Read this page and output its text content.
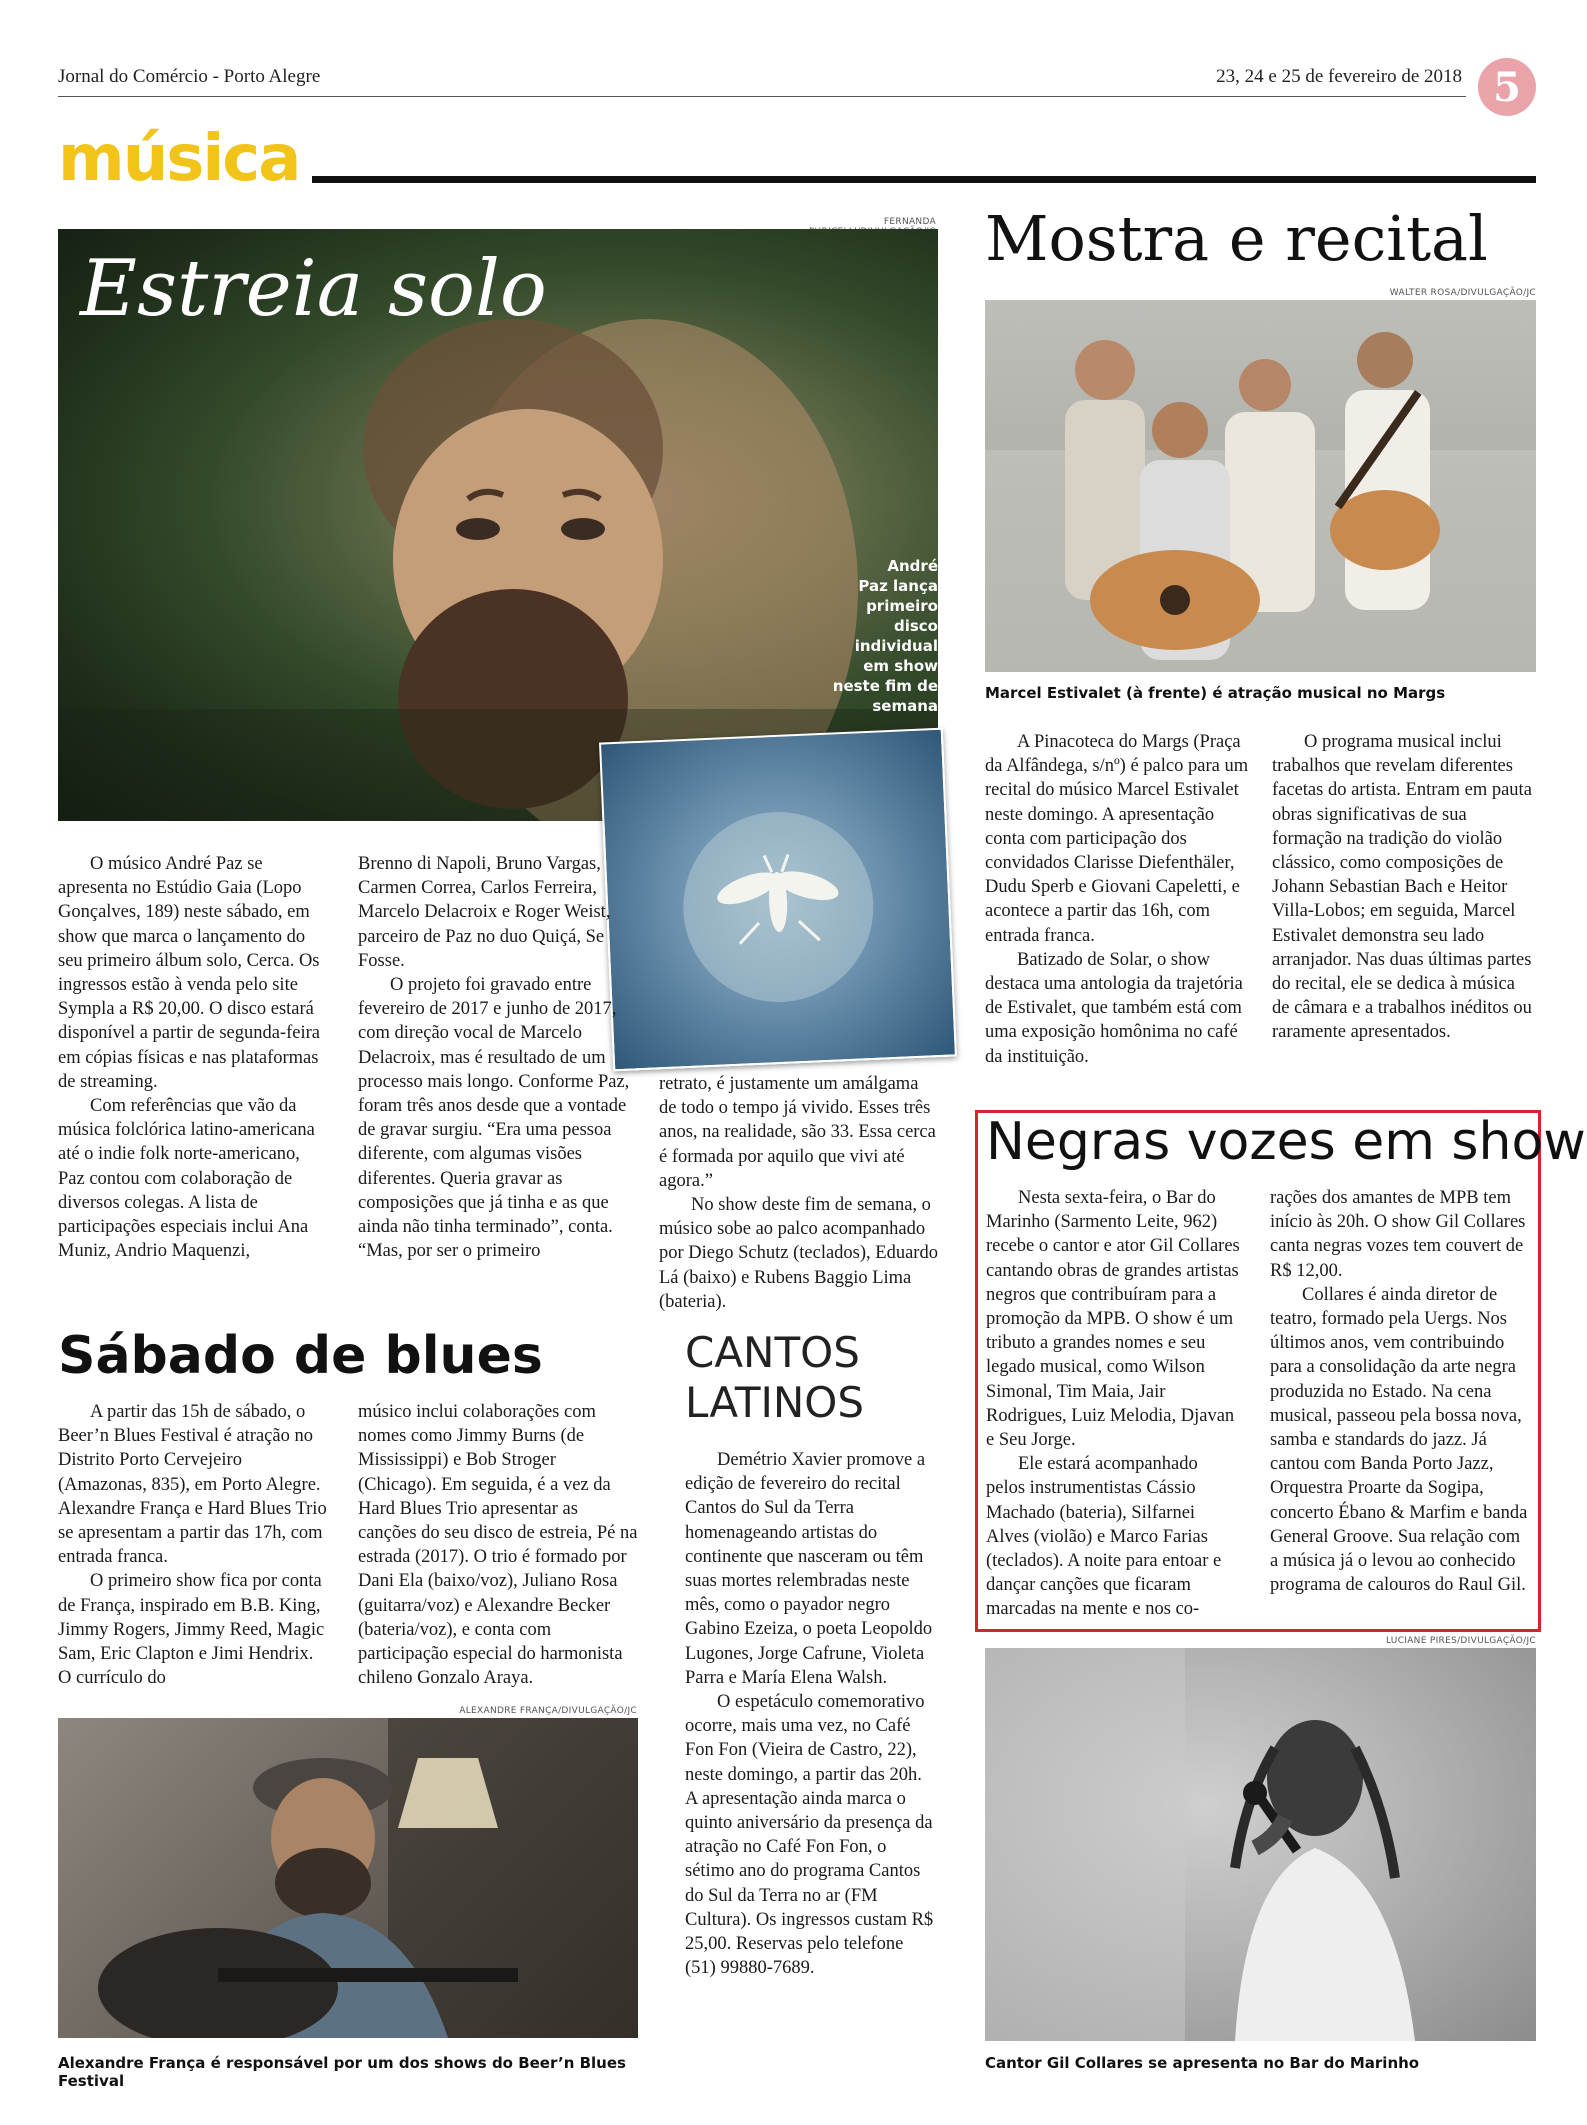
Jornal do Comércio - Porto Alegre	23, 24 e 25 de fevereiro de 2018 5
música
FERNANDA
Estreia solo
André
Paz lança
primeiro
disco
individual
em show
neste fim de
semana

O músico André Paz se apresenta no Estúdio Gaia (Lopo Gonçalves, 189) neste sábado, em show que marca o lançamento do seu primeiro álbum solo, Cerca. Os ingressos estão à venda pelo site Sympla a R$ 20,00. O disco estará disponível a partir de segunda-feira em cópias físicas e nas plataformas de streaming.

Com referências que vão da música folclórica latino-americana até o indie folk norte-americano, Paz contou com colaboração de diversos colegas. A lista de participações especiais inclui Ana Muniz, Andrio Maquenzi,

Brenno di Napoli, Bruno Vargas, Carmen Correa, Carlos Ferreira, Marcelo Delacroix e Roger Weist, parceiro de Paz no duo Quiçá, Se Fosse.

O projeto foi gravado entre fevereiro de 2017 e junho de 2017, com direção vocal de Marcelo Delacroix, mas é resultado de um processo mais longo. Conforme Paz, foram três anos desde que a vontade de gravar surgiu. “Era uma pessoa diferente, com algumas visões diferentes. Queria gravar as composições que já tinha e as que ainda não tinha terminado”, conta. “Mas, por ser o primeiro

retrato, é justamente um amálgama de todo o tempo já vivido. Esses três anos, na realidade, são 33. Essa cerca é formada por aquilo que vivi até agora.”

No show deste fim de semana, o músico sobe ao palco acompanhado por Diego Schutz (teclados), Eduardo Lá (baixo) e Rubens Baggio Lima (bateria).

Mostra e recital
WALTER ROSA/DIVULGAÇÃO/JC
Marcel Estivalet (à frente) é atração musical no Margs

A Pinacoteca do Margs (Praça da Alfândega, s/nº) é palco para um recital do músico Marcel Estivalet neste domingo. A apresentação conta com participação dos convidados Clarisse Diefenthäler, Dudu Sperb e Giovani Capeletti, e acontece a partir das 16h, com entrada franca.

Batizado de Solar, o show destaca uma antologia da trajetória de Estivalet, que também está com uma exposição homônima no café da instituição.

O programa musical inclui trabalhos que revelam diferentes facetas do artista. Entram em pauta obras significativas de sua formação na tradição do violão clássico, como composições de Johann Sebastian Bach e Heitor Villa-Lobos; em seguida, Marcel Estivalet demonstra seu lado arranjador. Nas duas últimas partes do recital, ele se dedica à música de câmara e a trabalhos inéditos ou raramente apresentados.

Negras vozes em show

Nesta sexta-feira, o Bar do Marinho (Sarmento Leite, 962) recebe o cantor e ator Gil Collares cantando obras de grandes artistas negros que contribuíram para a promoção da MPB. O show é um tributo a grandes nomes e seu legado musical, como Wilson Simonal, Tim Maia, Jair Rodrigues, Luiz Melodia, Djavan e Seu Jorge.

Ele estará acompanhado pelos instrumentistas Cássio Machado (bateria), Silfarnei Alves (violão) e Marco Farias (teclados). A noite para entoar e dançar canções que ficaram marcadas na mente e nos co-

rações dos amantes de MPB tem início às 20h. O show Gil Collares canta negras vozes tem couvert de R$ 12,00.

Collares é ainda diretor de teatro, formado pela Uergs. Nos últimos anos, vem contribuindo para a consolidação da arte negra produzida no Estado. Na cena musical, passeou pela bossa nova, samba e standards do jazz. Já cantou com Banda Porto Jazz, Orquestra Proarte da Sogipa, concerto Ébano & Marfim e banda General Groove. Sua relação com a música já o levou ao conhecido programa de calouros do Raul Gil.

LUCIANE PIRES/DIVULGAÇÃO/JC
Cantor Gil Collares se apresenta no Bar do Marinho
Sábado de blues

A partir das 15h de sábado, o Beer’n Blues Festival é atração no Distrito Porto Cervejeiro (Amazonas, 835), em Porto Alegre. Alexandre França e Hard Blues Trio se apresentam a partir das 17h, com entrada franca.

O primeiro show fica por conta de França, inspirado em B.B. King, Jimmy Rogers, Jimmy Reed, Magic Sam, Eric Clapton e Jimi Hendrix. O currículo do

músico inclui colaborações com nomes como Jimmy Burns (de Mississippi) e Bob Stroger (Chicago). Em seguida, é a vez da Hard Blues Trio apresentar as canções do seu disco de estreia, Pé na estrada (2017). O trio é formado por Dani Ela (baixo/voz), Juliano Rosa (guitarra/voz) e Alexandre Becker (bateria/voz), e conta com participação especial do harmonista chileno Gonzalo Araya.

ALEXANDRE FRANÇA/DIVULGAÇÃO/JC
Alexandre França é responsável por um dos shows do Beer’n Blues Festival
CANTOS
LATINOS

Demétrio Xavier promove a edição de fevereiro do recital Cantos do Sul da Terra homenageando artistas do continente que nasceram ou têm suas mortes relembradas neste mês, como o payador negro Gabino Ezeiza, o poeta Leopoldo Lugones, Jorge Cafrune, Violeta Parra e María Elena Walsh.

O espetáculo comemorativo ocorre, mais uma vez, no Café Fon Fon (Vieira de Castro, 22), neste domingo, a partir das 20h. A apresentação ainda marca o quinto aniversário da presença da atração no Café Fon Fon, o sétimo ano do programa Cantos do Sul da Terra no ar (FM Cultura). Os ingressos custam R$ 25,00. Reservas pelo telefone (51) 99880-7689.
